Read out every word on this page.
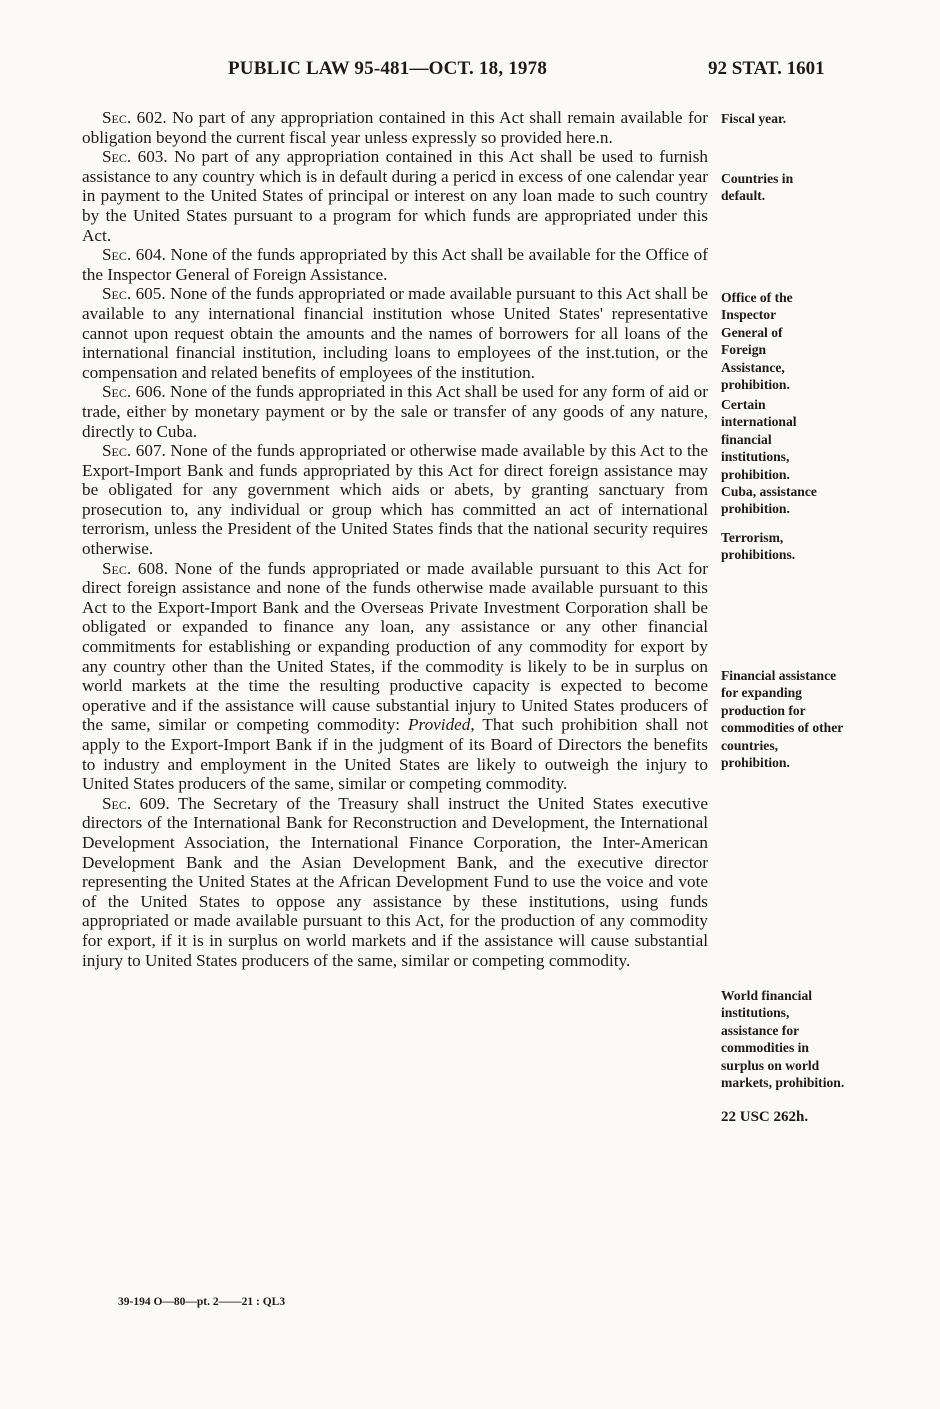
PUBLIC LAW 95-481—OCT. 18, 1978	92 STAT. 1601

Sec. 602. No part of any appropriation contained in this Act shall remain available for obligation beyond the current fiscal year unless expressly so provided here.n.

Sec. 603. No part of any appropriation contained in this Act shall be used to furnish assistance to any country which is in default during a pericd in excess of one calendar year in payment to the United States of principal or interest on any loan made to such country by the United States pursuant to a program for which funds are appropriated under this Act.

Sec. 604. None of the funds appropriated by this Act shall be available for the Office of the Inspector General of Foreign Assistance.

Sec. 605. None of the funds appropriated or made available pursuant to this Act shall be available to any international financial institution whose United States' representative cannot upon request obtain the amounts and the names of borrowers for all loans of the international financial institution, including loans to employees of the inst.tution, or the compensation and related benefits of employees of the institution.

Sec. 606. None of the funds appropriated in this Act shall be used for any form of aid or trade, either by monetary payment or by the sale or transfer of any goods of any nature, directly to Cuba.

Sec. 607. None of the funds appropriated or otherwise made available by this Act to the Export-Import Bank and funds appropriated by this Act for direct foreign assistance may be obligated for any government which aids or abets, by granting sanctuary from prosecution to, any individual or group which has committed an act of international terrorism, unless the President of the United States finds that the national security requires otherwise.

Sec. 608. None of the funds appropriated or made available pursuant to this Act for direct foreign assistance and none of the funds otherwise made available pursuant to this Act to the Export-Import Bank and the Overseas Private Investment Corporation shall be obligated or expanded to finance any loan, any assistance or any other financial commitments for establishing or expanding production of any commodity for export by any country other than the United States, if the commodity is likely to be in surplus on world markets at the time the resulting productive capacity is expected to become operative and if the assistance will cause substantial injury to United States producers of the same, similar or competing commodity: Provided, That such prohibition shall not apply to the Export-Import Bank if in the judgment of its Board of Directors the benefits to industry and employment in the United States are likely to outweigh the injury to United States producers of the same, similar or competing commodity.

Sec. 609. The Secretary of the Treasury shall instruct the United States executive directors of the International Bank for Reconstruction and Development, the International Development Association, the International Finance Corporation, the Inter-American Development Bank and the Asian Development Bank, and the executive director representing the United States at the African Development Fund to use the voice and vote of the United States to oppose any assistance by these institutions, using funds appropriated or made available pursuant to this Act, for the production of any commodity for export, if it is in surplus on world markets and if the assistance will cause substantial injury to United States producers of the same, similar or competing commodity.

Fiscal year.
Countries in default.
Office of the Inspector General of Foreign Assistance, prohibition.
Certain international financial institutions, prohibition.
Cuba, assistance prohibition.
Terrorism, prohibitions.
Financial assistance for expanding production for commodities of other countries, prohibition.
World financial institutions, assistance for commodities in surplus on world markets, prohibition.
22 USC 262h.
39-194 O—80—pt. 2——21 : QL3
